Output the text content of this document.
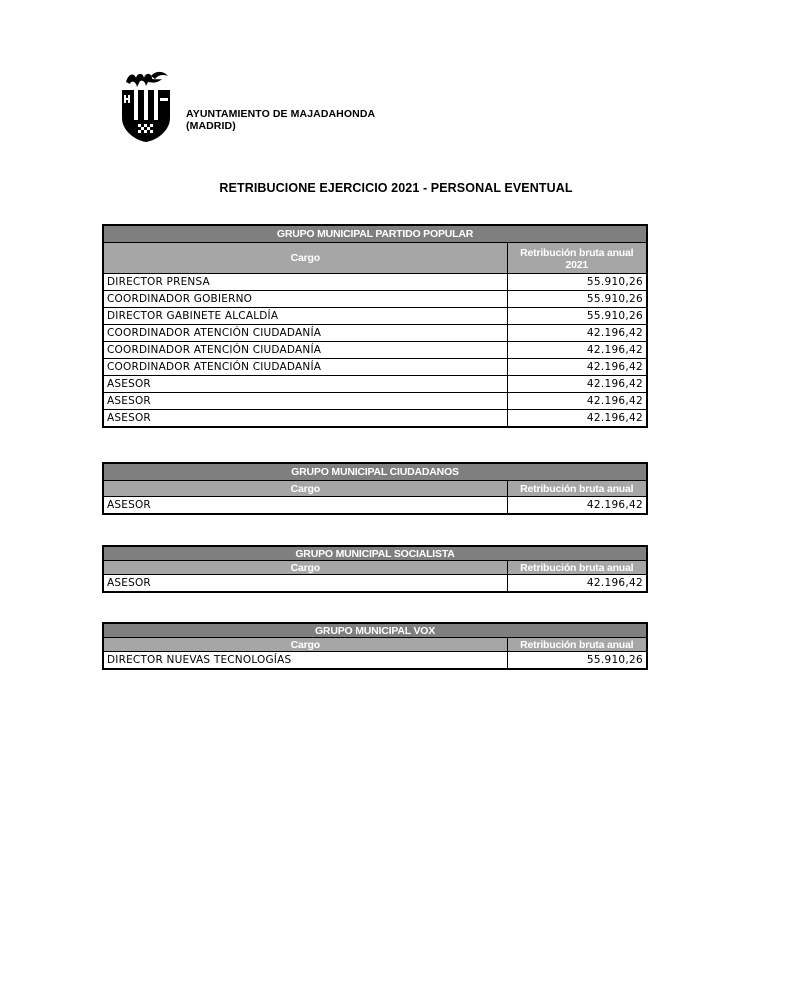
AYUNTAMIENTO DE MAJADAHONDA
(MADRID)
RETRIBUCIONE EJERCICIO 2021 - PERSONAL EVENTUAL
GRUPO MUNICIPAL PARTIDO POPULAR	
Cargo	Retribución bruta anual 2021
DIRECTOR PRENSA	55.910,26
COORDINADOR GOBIERNO	55.910,26
DIRECTOR GABINETE ALCALDÍA	55.910,26
COORDINADOR ATENCIÓN CIUDADANÍA	42.196,42
COORDINADOR ATENCIÓN CIUDADANÍA	42.196,42
COORDINADOR ATENCIÓN CIUDADANÍA	42.196,42
ASESOR	42.196,42
ASESOR	42.196,42
ASESOR	42.196,42
GRUPO MUNICIPAL CIUDADANOS	
Cargo	Retribución bruta anual
ASESOR	42.196,42
GRUPO MUNICIPAL SOCIALISTA	
Cargo	Retribución bruta anual
ASESOR	42.196,42
GRUPO MUNICIPAL VOX	
Cargo	Retribución bruta anual
DIRECTOR NUEVAS TECNOLOGÍAS	55.910,26
